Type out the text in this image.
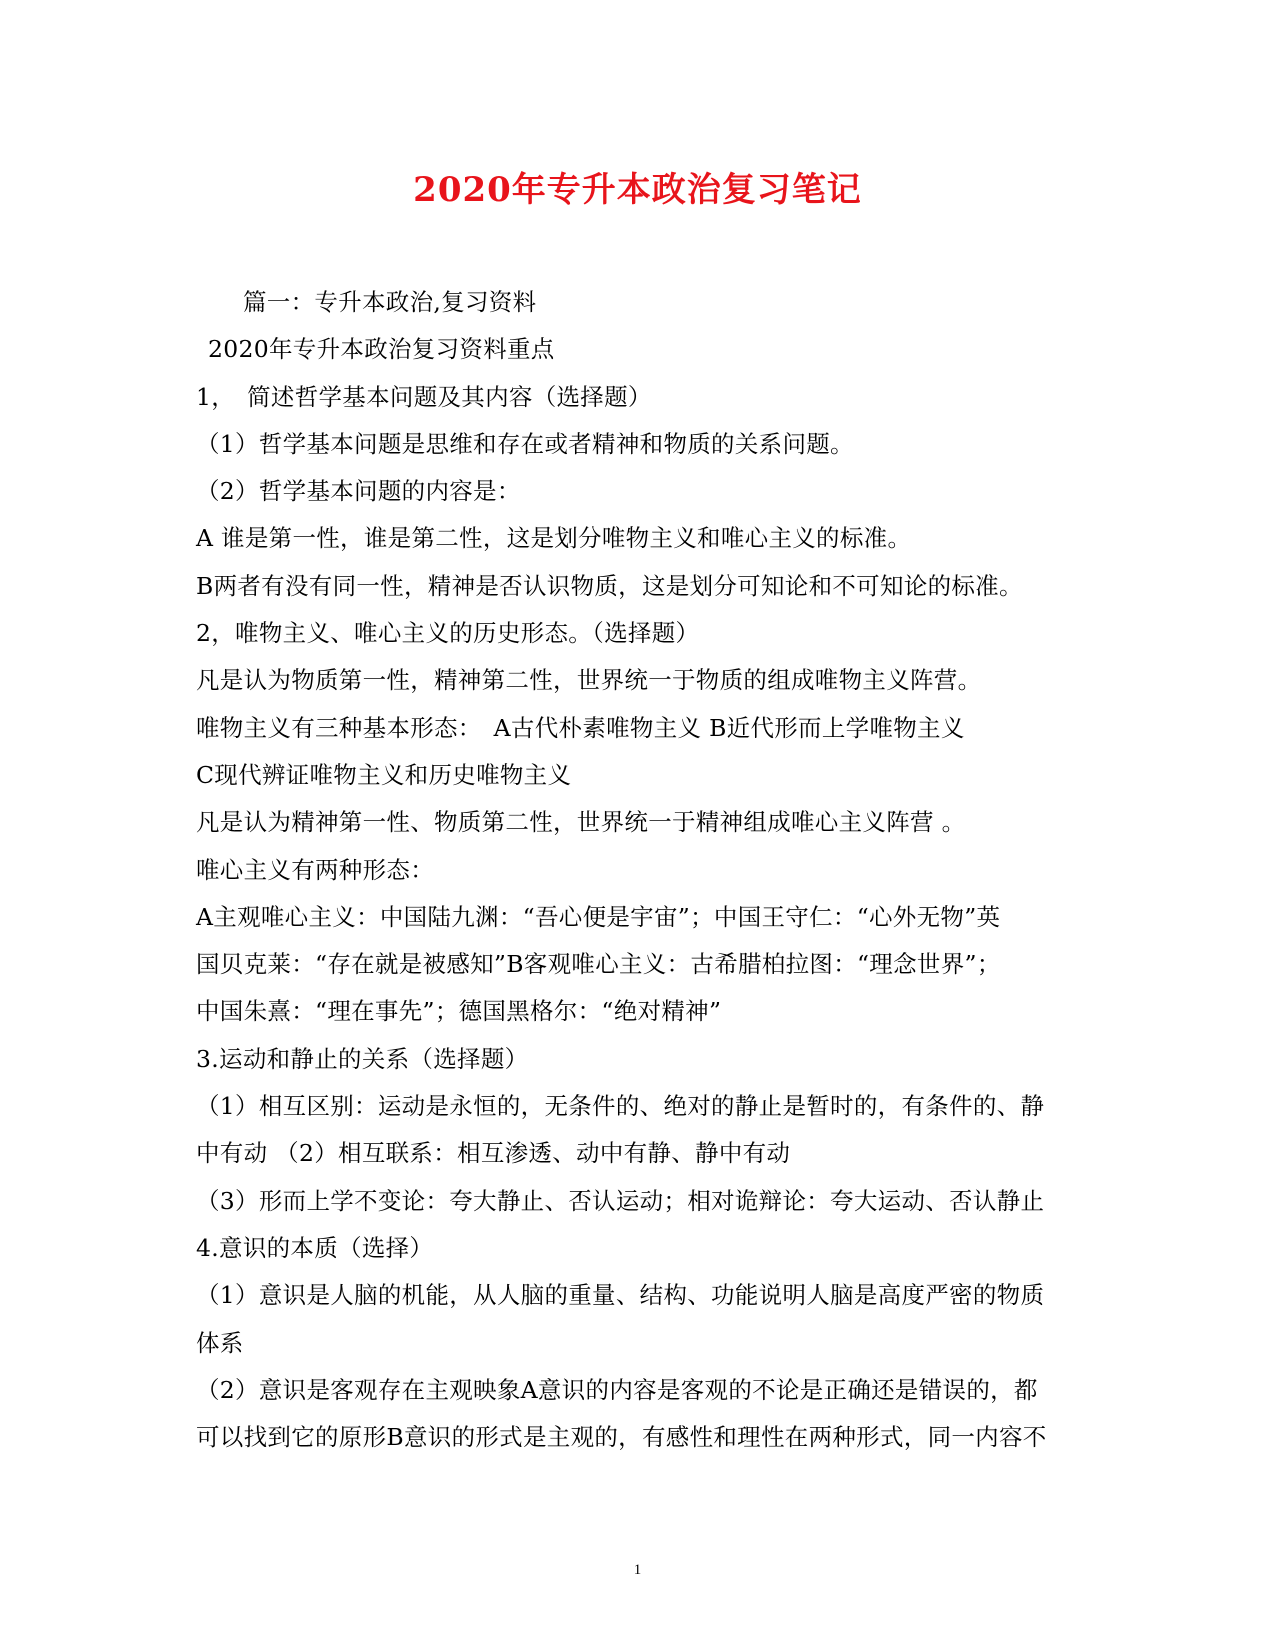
2020年专升本政治复习笔记
篇一：专升本政治,复习资料
2020年专升本政治复习资料重点
1，　简述哲学基本问题及其内容（选择题）
（1）哲学基本问题是思维和存在或者精神和物质的关系问题。
（2）哲学基本问题的内容是：
A 谁是第一性，谁是第二性，这是划分唯物主义和唯心主义的标准。
B两者有没有同一性，精神是否认识物质，这是划分可知论和不可知论的标准。
2，唯物主义、唯心主义的历史形态。（选择题）
凡是认为物质第一性，精神第二性，世界统一于物质的组成唯物主义阵营。
唯物主义有三种基本形态：　A古代朴素唯物主义 B近代形而上学唯物主义
C现代辨证唯物主义和历史唯物主义
凡是认为精神第一性、物质第二性，世界统一于精神组成唯心主义阵营 。
唯心主义有两种形态：
A主观唯心主义：中国陆九渊：“吾心便是宇宙”；中国王守仁：“心外无物”英
国贝克莱：“存在就是被感知”B客观唯心主义：古希腊柏拉图：“理念世界”；
中国朱熹：“理在事先”；德国黑格尔：“绝对精神”
3.运动和静止的关系（选择题）
（1）相互区别：运动是永恒的，无条件的、绝对的静止是暂时的，有条件的、静
中有动 （2）相互联系：相互渗透、动中有静、静中有动
（3）形而上学不变论：夸大静止、否认运动；相对诡辩论：夸大运动、否认静止
4.意识的本质（选择）
（1）意识是人脑的机能，从人脑的重量、结构、功能说明人脑是高度严密的物质
体系
（2）意识是客观存在主观映象A意识的内容是客观的不论是正确还是错误的，都
可以找到它的原形B意识的形式是主观的，有感性和理性在两种形式，同一内容不
1
